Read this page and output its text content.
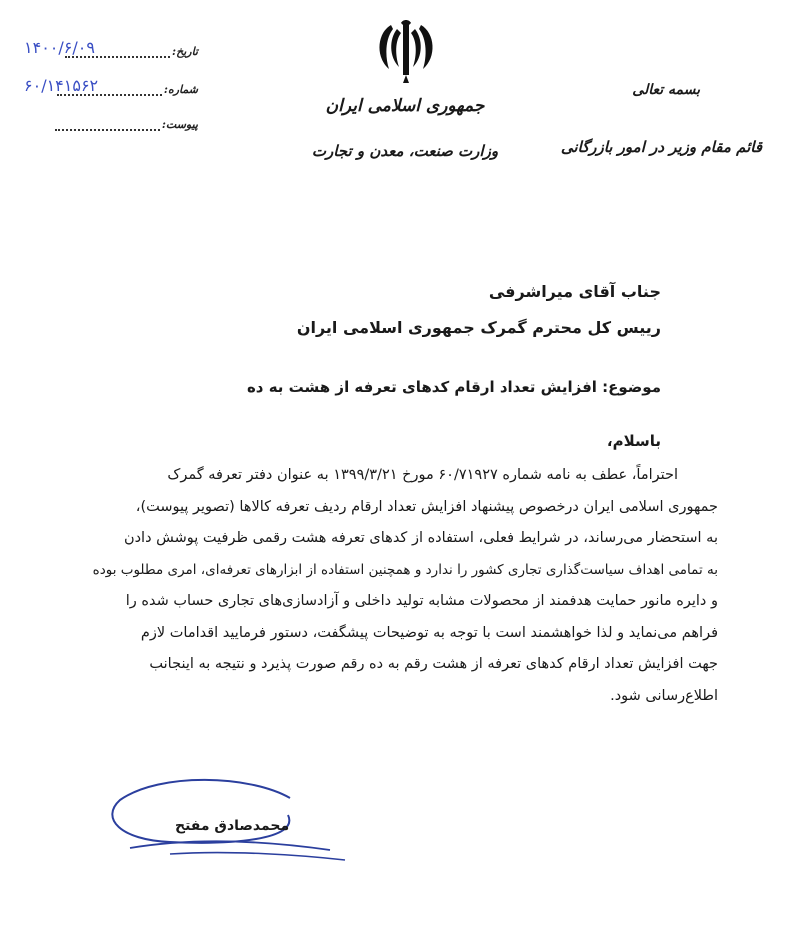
تاریخ:
۱۴۰۰/۶/۰۹
شماره:
۶۰/۱۴۱۵۶۲
پیوست:
جمهوری اسلامی ایران
وزارت صنعت، معدن و تجارت
بسمه تعالی
قائم مقام وزیر در امور بازرگانی
جناب آقای میراشرفی
رییس کل محترم گمرک جمهوری اسلامی ایران
موضوع: افزایش تعداد ارقام کدهای تعرفه از هشت به ده
باسلام،
احتراماً، عطف به نامه شماره ۶۰/۷۱۹۲۷ مورخ ۱۳۹۹/۳/۲۱ به عنوان دفتر تعرفه گمرک
جمهوری اسلامی ایران درخصوص پیشنهاد افزایش تعداد ارقام ردیف تعرفه کالاها (تصویر پیوست)،
به استحضار می‌رساند، در شرایط فعلی، استفاده از کدهای تعرفه هشت رقمی ظرفیت پوشش دادن
به تمامی اهداف سیاست‌گذاری تجاری کشور را ندارد و همچنین استفاده از ابزارهای تعرفه‌ای، امری مطلوب بوده
و دایره مانور حمایت هدفمند از محصولات مشابه تولید داخلی و آزادسازی‌های تجاری حساب شده را
فراهم می‌نماید و لذا خواهشمند است با توجه به توضیحات پیشگفت، دستور فرمایید اقدامات لازم
جهت افزایش تعداد ارقام کدهای تعرفه از هشت رقم به ده رقم صورت پذیرد و نتیجه به اینجانب
اطلاع‌رسانی شود.
محمدصادق مفتح
